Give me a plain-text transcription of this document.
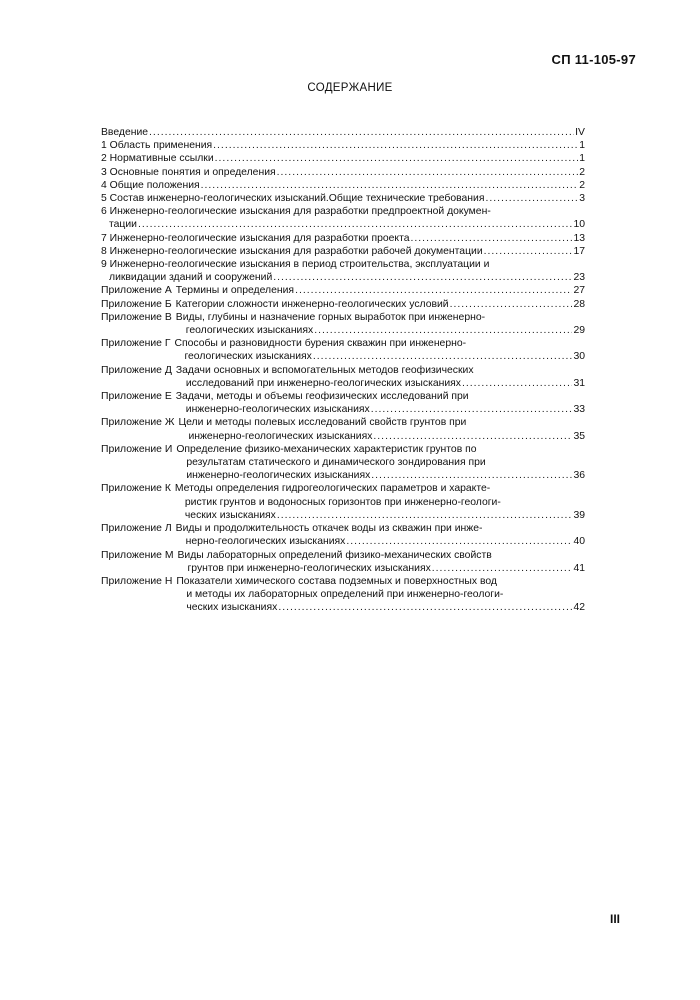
СП 11-105-97
СОДЕРЖАНИЕ
Введение .....	IV
1 Область применения .....	1
2 Нормативные ссылки .....	1
3 Основные понятия и определения .....	2
4 Общие положения .....	2
5 Состав инженерно-геологических изысканий.Общие технические требования .....	3
6 Инженерно-геологические изыскания для разработки предпроектной докумен-
тации .....	10
7 Инженерно-геологические изыскания для разработки проекта .....	13
8 Инженерно-геологические изыскания для разработки рабочей документации .....	17
9 Инженерно-геологические изыскания в период строительства, эксплуатации и
ликвидации зданий и сооружений .....	23
Приложение А Термины и определения .....	27
Приложение Б Категории сложности инженерно-геологических условий .....	28
Приложение В Виды, глубины и назначение горных выработок при инженерно-
геологических изысканиях .....	29
Приложение Г Способы и разновидности бурения скважин при инженерно-
геологических изысканиях .....	30
Приложение Д Задачи основных и вспомогательных методов геофизических
исследований при инженерно-геологических изысканиях .....	31
Приложение Е Задачи, методы и объемы геофизических исследований при
инженерно-геологических изысканиях .....	33
Приложение Ж Цели и методы полевых исследований свойств грунтов при
инженерно-геологических изысканиях .....	35
Приложение И Определение физико-механических характеристик грунтов по
результатам статического и динамического зондирования при
инженерно-геологических изысканиях .....	36
Приложение К Методы определения гидрогеологических параметров и характе-
ристик грунтов и водоносных горизонтов при инженерно-геологи-
ческих изысканиях .....	39
Приложение Л Виды и продолжительность откачек воды из скважин при инже-
нерно-геологических изысканиях .....	40
Приложение М Виды лабораторных определений физико-механических свойств
грунтов при инженерно-геологических изысканиях .....	41
Приложение Н Показатели химического состава подземных и поверхностных вод
и методы их лабораторных определений при инженерно-геологи-
ческих изысканиях .....	42
III
